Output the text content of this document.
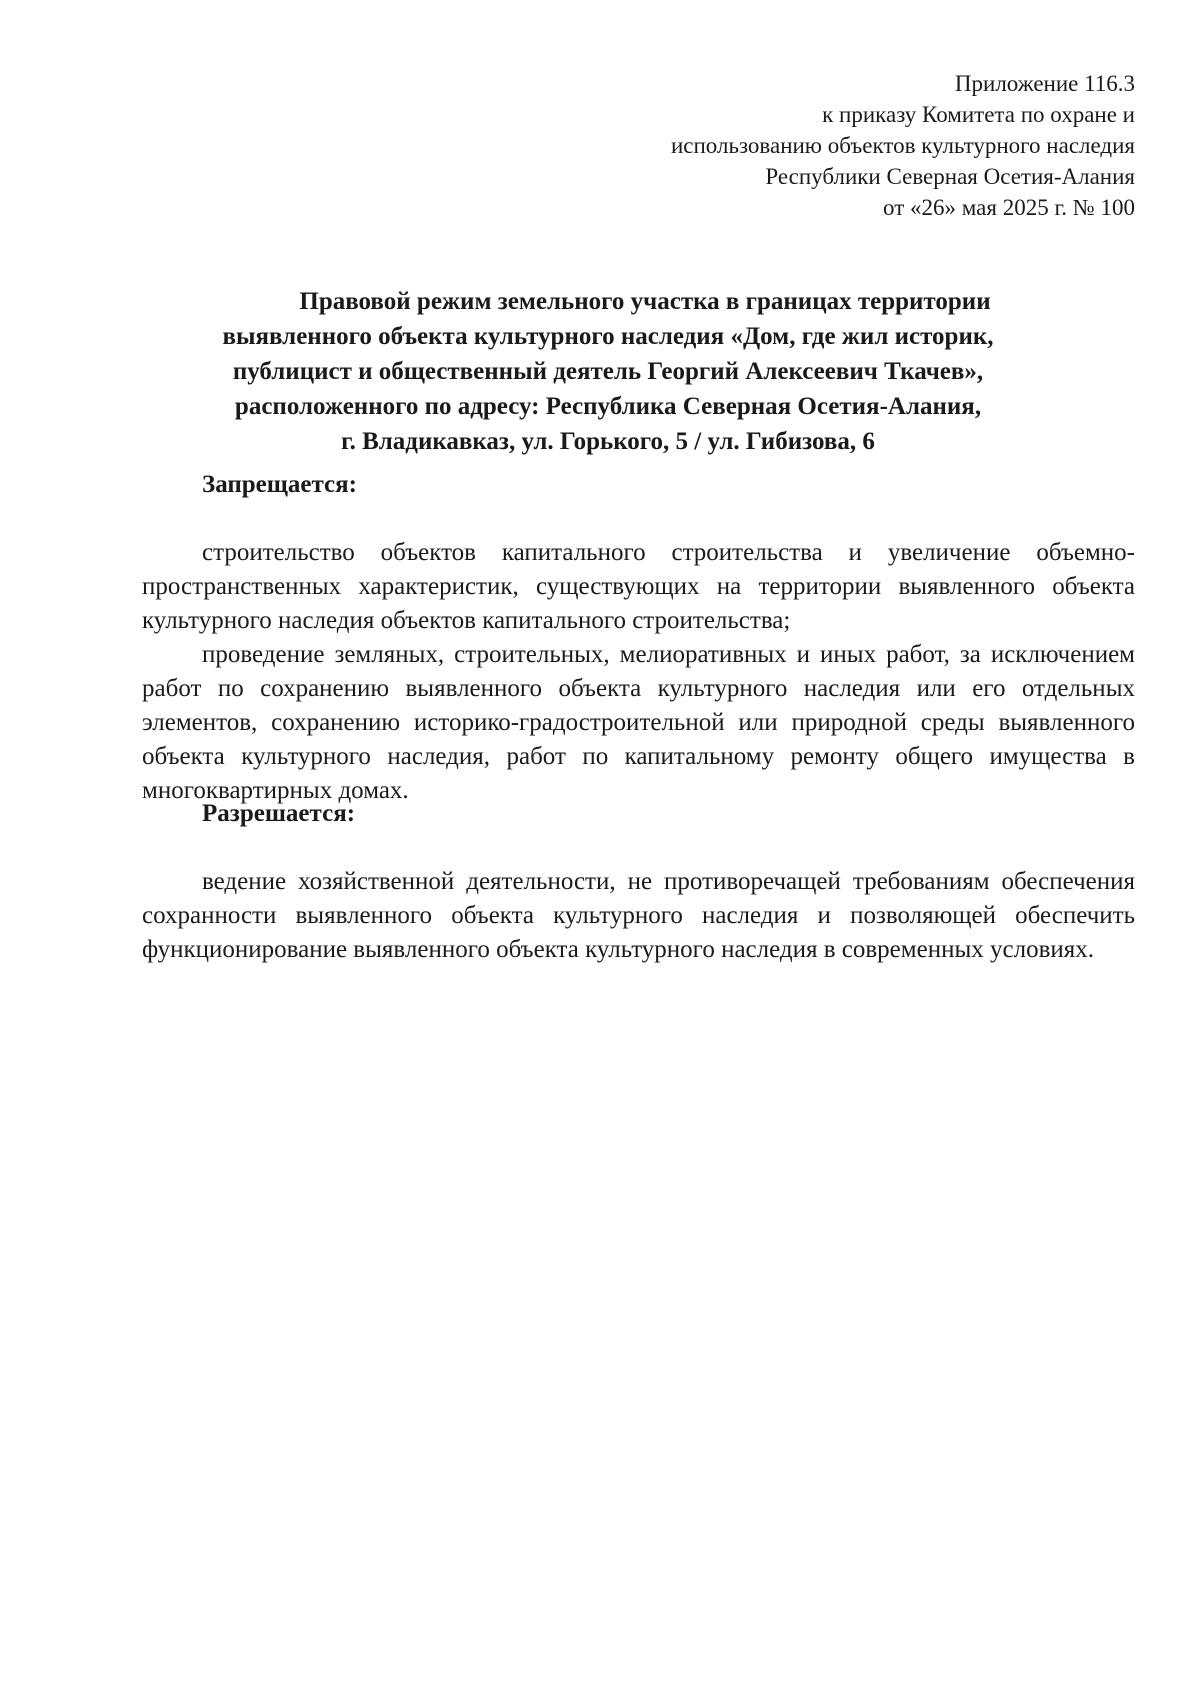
Приложение 116.3
к приказу Комитета по охране и
использованию объектов культурного наследия
Республики Северная Осетия-Алания
от «26» мая 2025 г. № 100
Правовой режим земельного участка в границах территории
выявленного объекта культурного наследия «Дом, где жил историк,
публицист и общественный деятель Георгий Алексеевич Ткачев»,
расположенного по адресу: Республика Северная Осетия-Алания,
г. Владикавказ, ул. Горького, 5 / ул. Гибизова, 6

Запрещается:

строительство объектов капитального строительства и увеличение объемно-пространственных характеристик, существующих на территории выявленного объекта культурного наследия объектов капитального строительства;

проведение земляных, строительных, мелиоративных и иных работ, за исключением работ по сохранению выявленного объекта культурного наследия или его отдельных элементов, сохранению историко-градостроительной или природной среды выявленного объекта культурного наследия, работ по капитальному ремонту общего имущества в многоквартирных домах.

Разрешается:

ведение хозяйственной деятельности, не противоречащей требованиям обеспечения сохранности выявленного объекта культурного наследия и позволяющей обеспечить функционирование выявленного объекта культурного наследия в современных условиях.
